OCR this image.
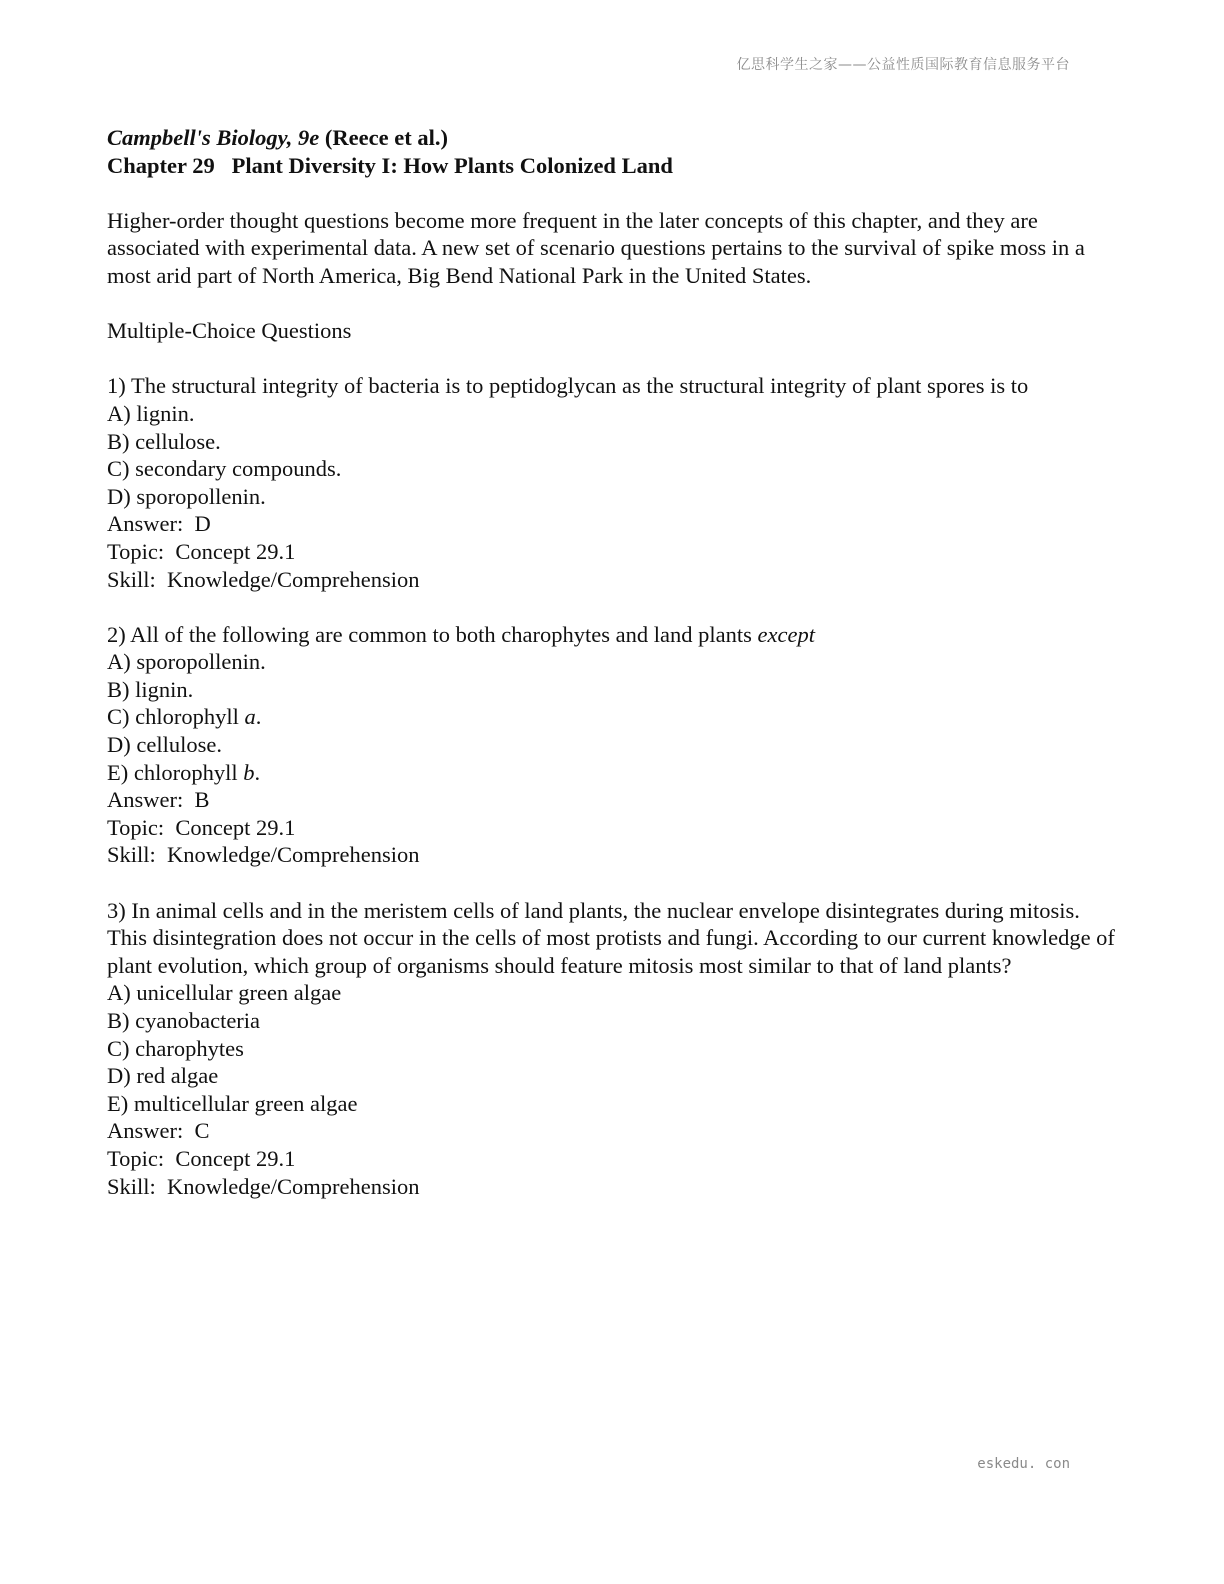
亿思科学生之家——公益性质国际教育信息服务平台
Campbell's Biology, 9e (Reece et al.)
Chapter 29   Plant Diversity I: How Plants Colonized Land
Higher-order thought questions become more frequent in the later concepts of this chapter, and they are associated with experimental data. A new set of scenario questions pertains to the survival of spike moss in a most arid part of North America, Big Bend National Park in the United States.
Multiple-Choice Questions
1) The structural integrity of bacteria is to peptidoglycan as the structural integrity of plant spores is to
A) lignin.
B) cellulose.
C) secondary compounds.
D) sporopollenin.
Answer:  D
Topic:  Concept 29.1
Skill:  Knowledge/Comprehension
2) All of the following are common to both charophytes and land plants except
A) sporopollenin.
B) lignin.
C) chlorophyll a.
D) cellulose.
E) chlorophyll b.
Answer:  B
Topic:  Concept 29.1
Skill:  Knowledge/Comprehension
3) In animal cells and in the meristem cells of land plants, the nuclear envelope disintegrates during mitosis. This disintegration does not occur in the cells of most protists and fungi. According to our current knowledge of plant evolution, which group of organisms should feature mitosis most similar to that of land plants?
A) unicellular green algae
B) cyanobacteria
C) charophytes
D) red algae
E) multicellular green algae
Answer:  C
Topic:  Concept 29.1
Skill:  Knowledge/Comprehension
eskedu. con
